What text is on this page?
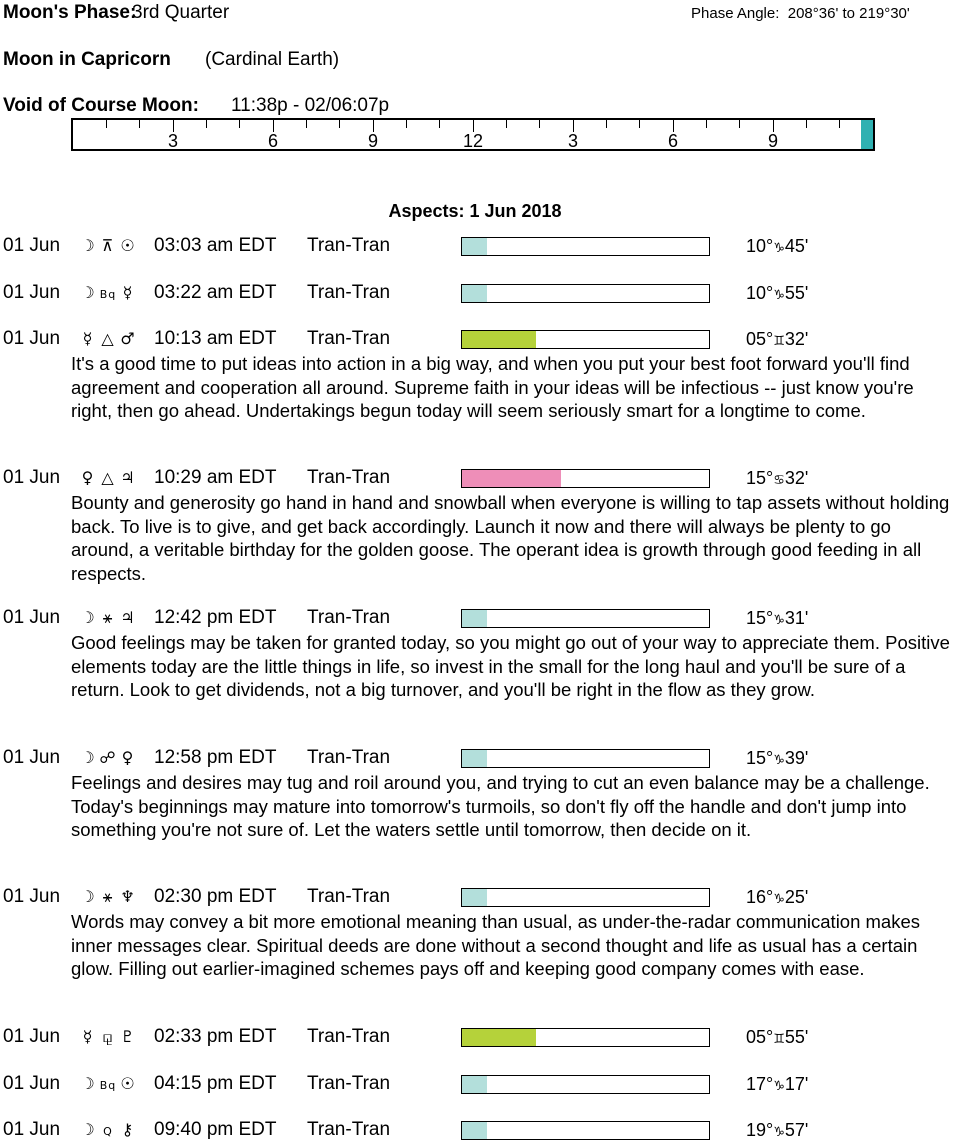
Moon's Phase:
3rd Quarter	Phase Angle: 208°36' to 219°30'
Moon in Capricorn (Cardinal Earth)
Void of Course Moon: 11:38p - 02/06:07p
3	6	9	12	3	6	9
Aspects: 1 Jun 2018
01 Jun ☽ ⊼ ☉ 03:03 am EDT Tran-Tran	10°♑45'
01 Jun ☽ Bq ☿ 03:22 am EDT Tran-Tran	10°♑55'
01 Jun ☿ △ ♂ 10:13 am EDT Tran-Tran	05°♊32'
It's a good time to put ideas into action in a big way, and when you put your best foot forward you'll find agreement and cooperation all around. Supreme faith in your ideas will be infectious -- just know you're right, then go ahead. Undertakings begun today will seem seriously smart for a longtime to come.
01 Jun ♀ △ ♃ 10:29 am EDT Tran-Tran	15°♋32'
Bounty and generosity go hand in hand and snowball when everyone is willing to tap assets without holding back. To live is to give, and get back accordingly. Launch it now and there will always be plenty to go around, a veritable birthday for the golden goose. The operant idea is growth through good feeding in all respects.
01 Jun ☽ ⚹ ♃ 12:42 pm EDT Tran-Tran	15°♑31'
Good feelings may be taken for granted today, so you might go out of your way to appreciate them. Positive elements today are the little things in life, so invest in the small for the long haul and you'll be sure of a return. Look to get dividends, not a big turnover, and you'll be right in the flow as they grow.
01 Jun ☽ ☍ ♀ 12:58 pm EDT Tran-Tran	15°♑39'
Feelings and desires may tug and roil around you, and trying to cut an even balance may be a challenge. Today's beginnings may mature into tomorrow's turmoils, so don't fly off the handle and don't jump into something you're not sure of. Let the waters settle until tomorrow, then decide on it.
01 Jun ☽ ⚹ ♆ 02:30 pm EDT Tran-Tran	16°♑25'
Words may convey a bit more emotional meaning than usual, as under-the-radar communication makes inner messages clear. Spiritual deeds are done without a second thought and life as usual has a certain glow. Filling out earlier-imagined schemes pays off and keeping good company comes with ease.
01 Jun ☿ ⚼ ♇ 02:33 pm EDT Tran-Tran	05°♊55'
01 Jun ☽ Bq ☉ 04:15 pm EDT Tran-Tran	17°♑17'
01 Jun ☽ Q ⚷ 09:40 pm EDT Tran-Tran	19°♑57'
